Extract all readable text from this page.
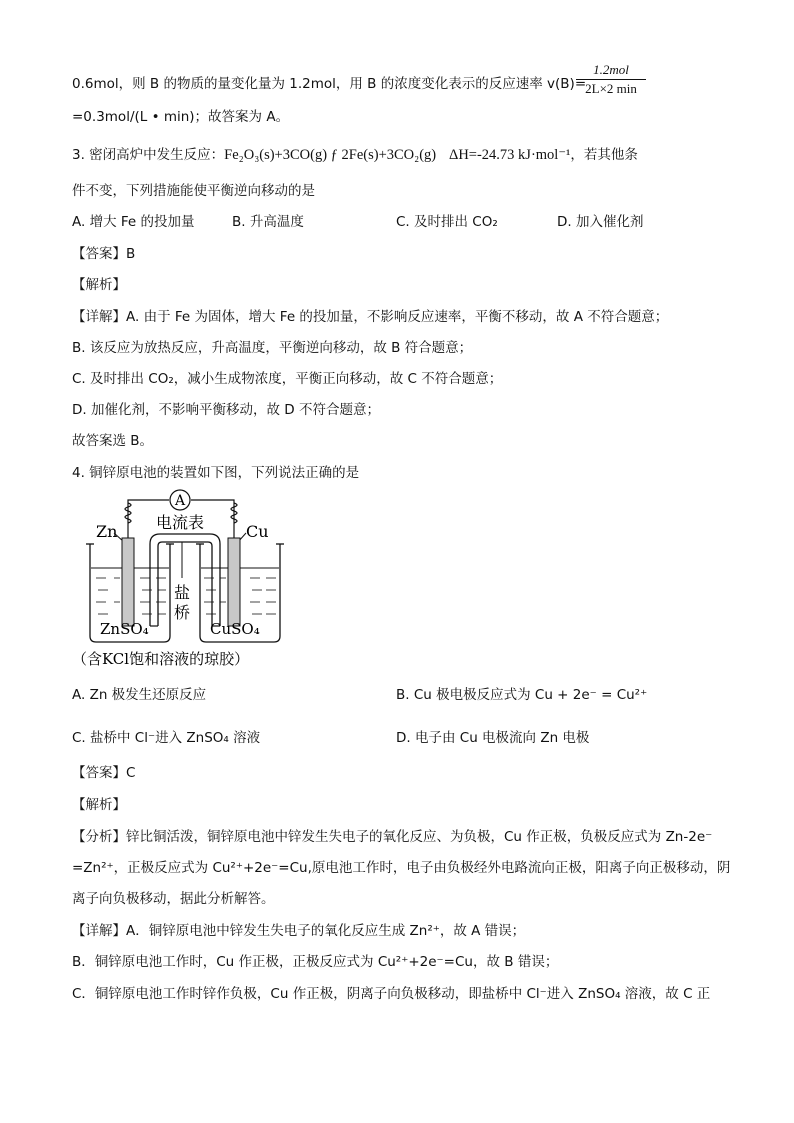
0.6mol，则 B 的物质的量变化量为 1.2mol，用 B 的浓度变化表示的反应速率 v(B)=
1.2mol
2L×2 min
=0.3mol/(L • min)；故答案为 A。
3. 密闭高炉中发生反应：Fe₂O₃(s)+3CO(g) ƒ 2Fe(s)+3CO₂(g) ΔH=-24.73 kJ·mol⁻¹，若其他条
件不变，下列措施能使平衡逆向移动的是
A. 增大 Fe 的投加量	B. 升高温度	C. 及时排出 CO₂	D. 加入催化剂
【答案】B
【解析】
【详解】A. 由于 Fe 为固体，增大 Fe 的投加量，不影响反应速率，平衡不移动，故 A 不符合题意；
B. 该反应为放热反应，升高温度，平衡逆向移动，故 B 符合题意；
C. 及时排出 CO₂，减小生成物浓度，平衡正向移动，故 C 不符合题意；
D. 加催化剂，不影响平衡移动，故 D 不符合题意；
故答案选 B。
4. 铜锌原电池的装置如下图，下列说法正确的是
A
电流表
Zn	Cu
盐
桥
ZnSO₄	CuSO₄
（含KCl饱和溶液的琼胶）
A. Zn 极发生还原反应	B. Cu 极电极反应式为 Cu + 2e⁻ = Cu²⁺
C. 盐桥中 Cl⁻进入 ZnSO₄ 溶液	D. 电子由 Cu 电极流向 Zn 电极
【答案】C
【解析】
【分析】锌比铜活泼，铜锌原电池中锌发生失电子的氧化反应、为负极，Cu 作正极，负极反应式为 Zn-2e⁻
=Zn²⁺，正极反应式为 Cu²⁺+2e⁻=Cu,原电池工作时，电子由负极经外电路流向正极，阳离子向正极移动，阴
离子向负极移动，据此分析解答。
【详解】A．铜锌原电池中锌发生失电子的氧化反应生成 Zn²⁺，故 A 错误；
B．铜锌原电池工作时，Cu 作正极，正极反应式为 Cu²⁺+2e⁻=Cu，故 B 错误；
C．铜锌原电池工作时锌作负极，Cu 作正极，阴离子向负极移动，即盐桥中 Cl⁻进入 ZnSO₄ 溶液，故 C 正
